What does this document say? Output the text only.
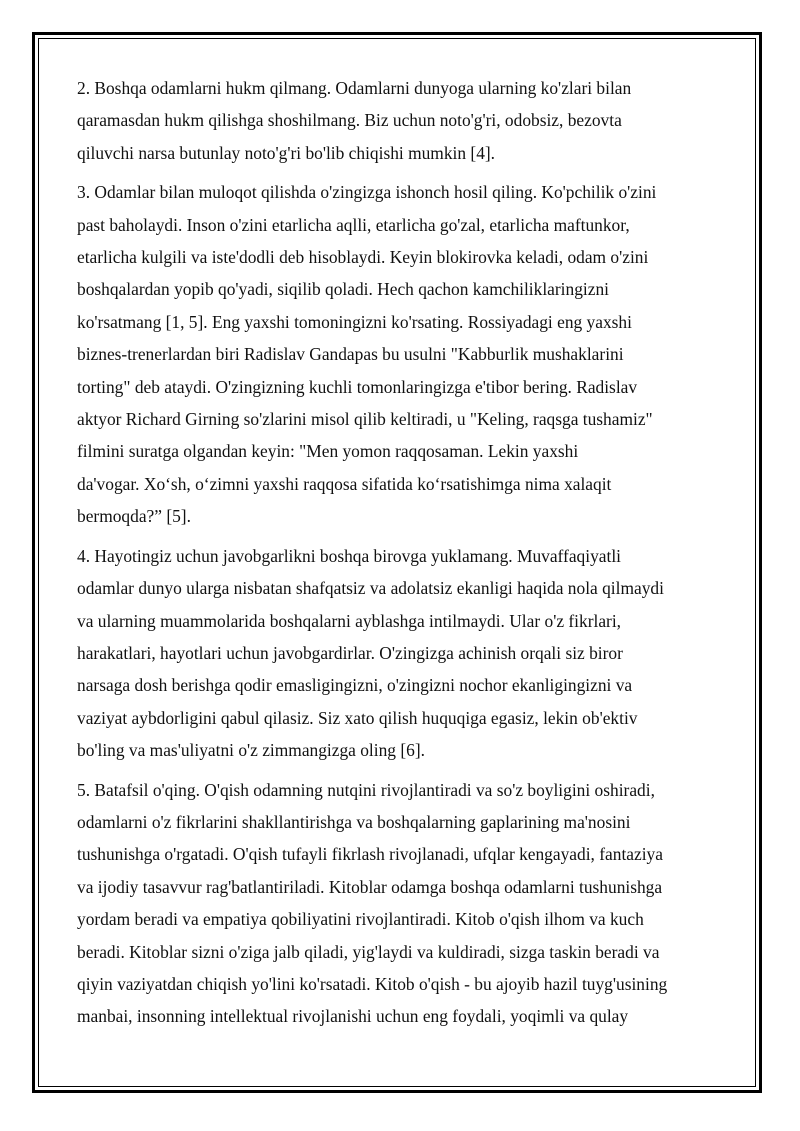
2. Boshqa odamlarni hukm qilmang. Odamlarni dunyoga ularning ko'zlari bilan
qaramasdan hukm qilishga shoshilmang. Biz uchun noto'g'ri, odobsiz, bezovta
qiluvchi narsa butunlay noto'g'ri bo'lib chiqishi mumkin [4].
3. Odamlar bilan muloqot qilishda o'zingizga ishonch hosil qiling. Ko'pchilik o'zini
past baholaydi. Inson o'zini etarlicha aqlli, etarlicha go'zal, etarlicha maftunkor,
etarlicha kulgili va iste'dodli deb hisoblaydi. Keyin blokirovka keladi, odam o'zini
boshqalardan yopib qo'yadi, siqilib qoladi. Hech qachon kamchiliklaringizni
ko'rsatmang [1, 5]. Eng yaxshi tomoningizni ko'rsating. Rossiyadagi eng yaxshi
biznes-trenerlardan biri Radislav Gandapas bu usulni "Kabburlik mushaklarini
torting" deb ataydi. O'zingizning kuchli tomonlaringizga e'tibor bering. Radislav
aktyor Richard Girning so'zlarini misol qilib keltiradi, u "Keling, raqsga tushamiz"
filmini suratga olgandan keyin: "Men yomon raqqosaman. Lekin yaxshi
da'vogar. Xo‘sh, o‘zimni yaxshi raqqosa sifatida ko‘rsatishimga nima xalaqit
bermoqda?” [5].
4. Hayotingiz uchun javobgarlikni boshqa birovga yuklamang. Muvaffaqiyatli
odamlar dunyo ularga nisbatan shafqatsiz va adolatsiz ekanligi haqida nola qilmaydi
va ularning muammolarida boshqalarni ayblashga intilmaydi. Ular o'z fikrlari,
harakatlari, hayotlari uchun javobgardirlar. O'zingizga achinish orqali siz biror
narsaga dosh berishga qodir emasligingizni, o'zingizni nochor ekanligingizni va
vaziyat aybdorligini qabul qilasiz. Siz xato qilish huquqiga egasiz, lekin ob'ektiv
bo'ling va mas'uliyatni o'z zimmangizga oling [6].
5. Batafsil o'qing. O'qish odamning nutqini rivojlantiradi va so'z boyligini oshiradi,
odamlarni o'z fikrlarini shakllantirishga va boshqalarning gaplarining ma'nosini
tushunishga o'rgatadi. O'qish tufayli fikrlash rivojlanadi, ufqlar kengayadi, fantaziya
va ijodiy tasavvur rag'batlantiriladi. Kitoblar odamga boshqa odamlarni tushunishga
yordam beradi va empatiya qobiliyatini rivojlantiradi. Kitob o'qish ilhom va kuch
beradi. Kitoblar sizni o'ziga jalb qiladi, yig'laydi va kuldiradi, sizga taskin beradi va
qiyin vaziyatdan chiqish yo'lini ko'rsatadi. Kitob o'qish - bu ajoyib hazil tuyg'usining
manbai, insonning intellektual rivojlanishi uchun eng foydali, yoqimli va qulay
